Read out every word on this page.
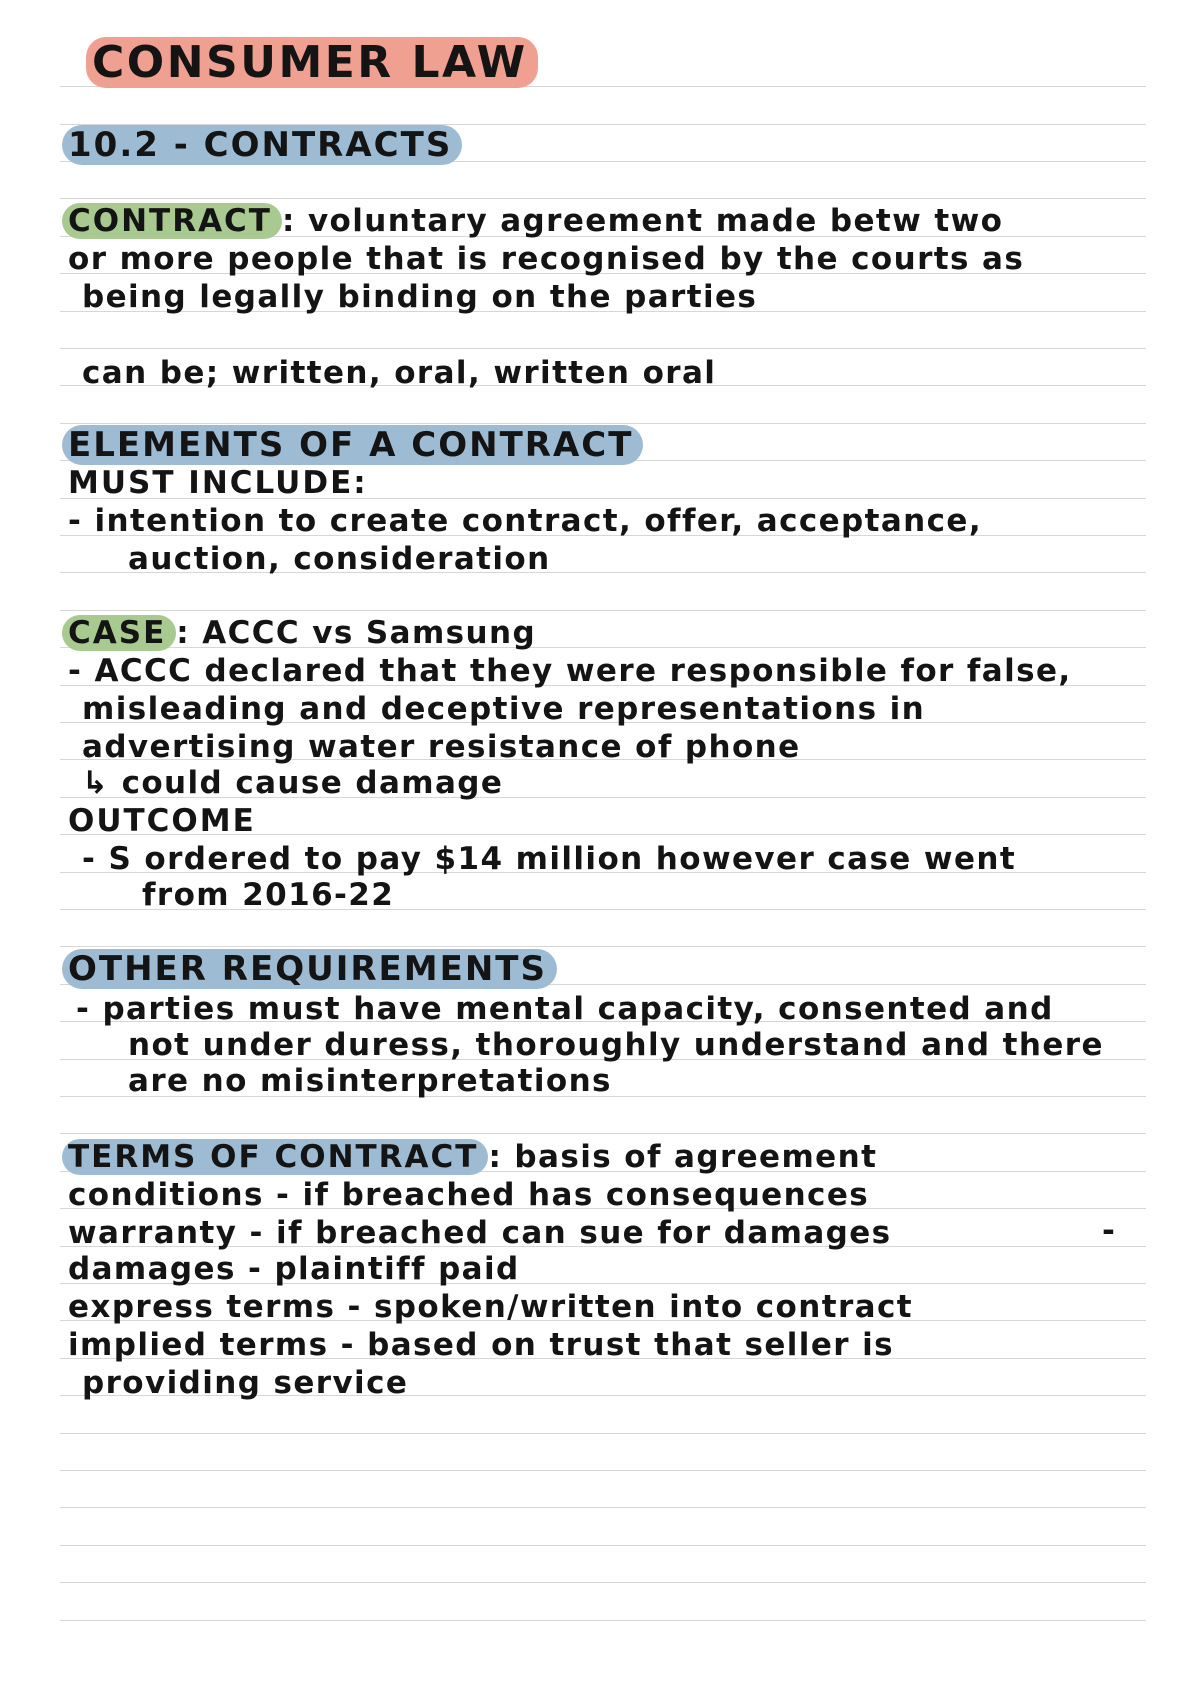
CONSUMER LAW
10.2 - CONTRACTS
CONTRACT : voluntary agreement made betw two
or more people that is recognised by the courts as
being legally binding on the parties
can be; written, oral, written oral
ELEMENTS OF A CONTRACT
MUST INCLUDE:
- intention to create contract, offer, acceptance,
auction, consideration
CASE : ACCC vs Samsung
- ACCC declared that they were responsible for false,
misleading and deceptive representations in
advertising water resistance of phone
↳ could cause damage
OUTCOME
- S ordered to pay $14 million however case went
from 2016-22
OTHER REQUIREMENTS
- parties must have mental capacity, consented and
not under duress, thoroughly understand and there
are no misinterpretations
TERMS OF CONTRACT : basis of agreement
conditions - if breached has consequences
warranty - if breached can sue for damages	-
damages - plaintiff paid
express terms - spoken/written into contract
implied terms - based on trust that seller is
providing service
